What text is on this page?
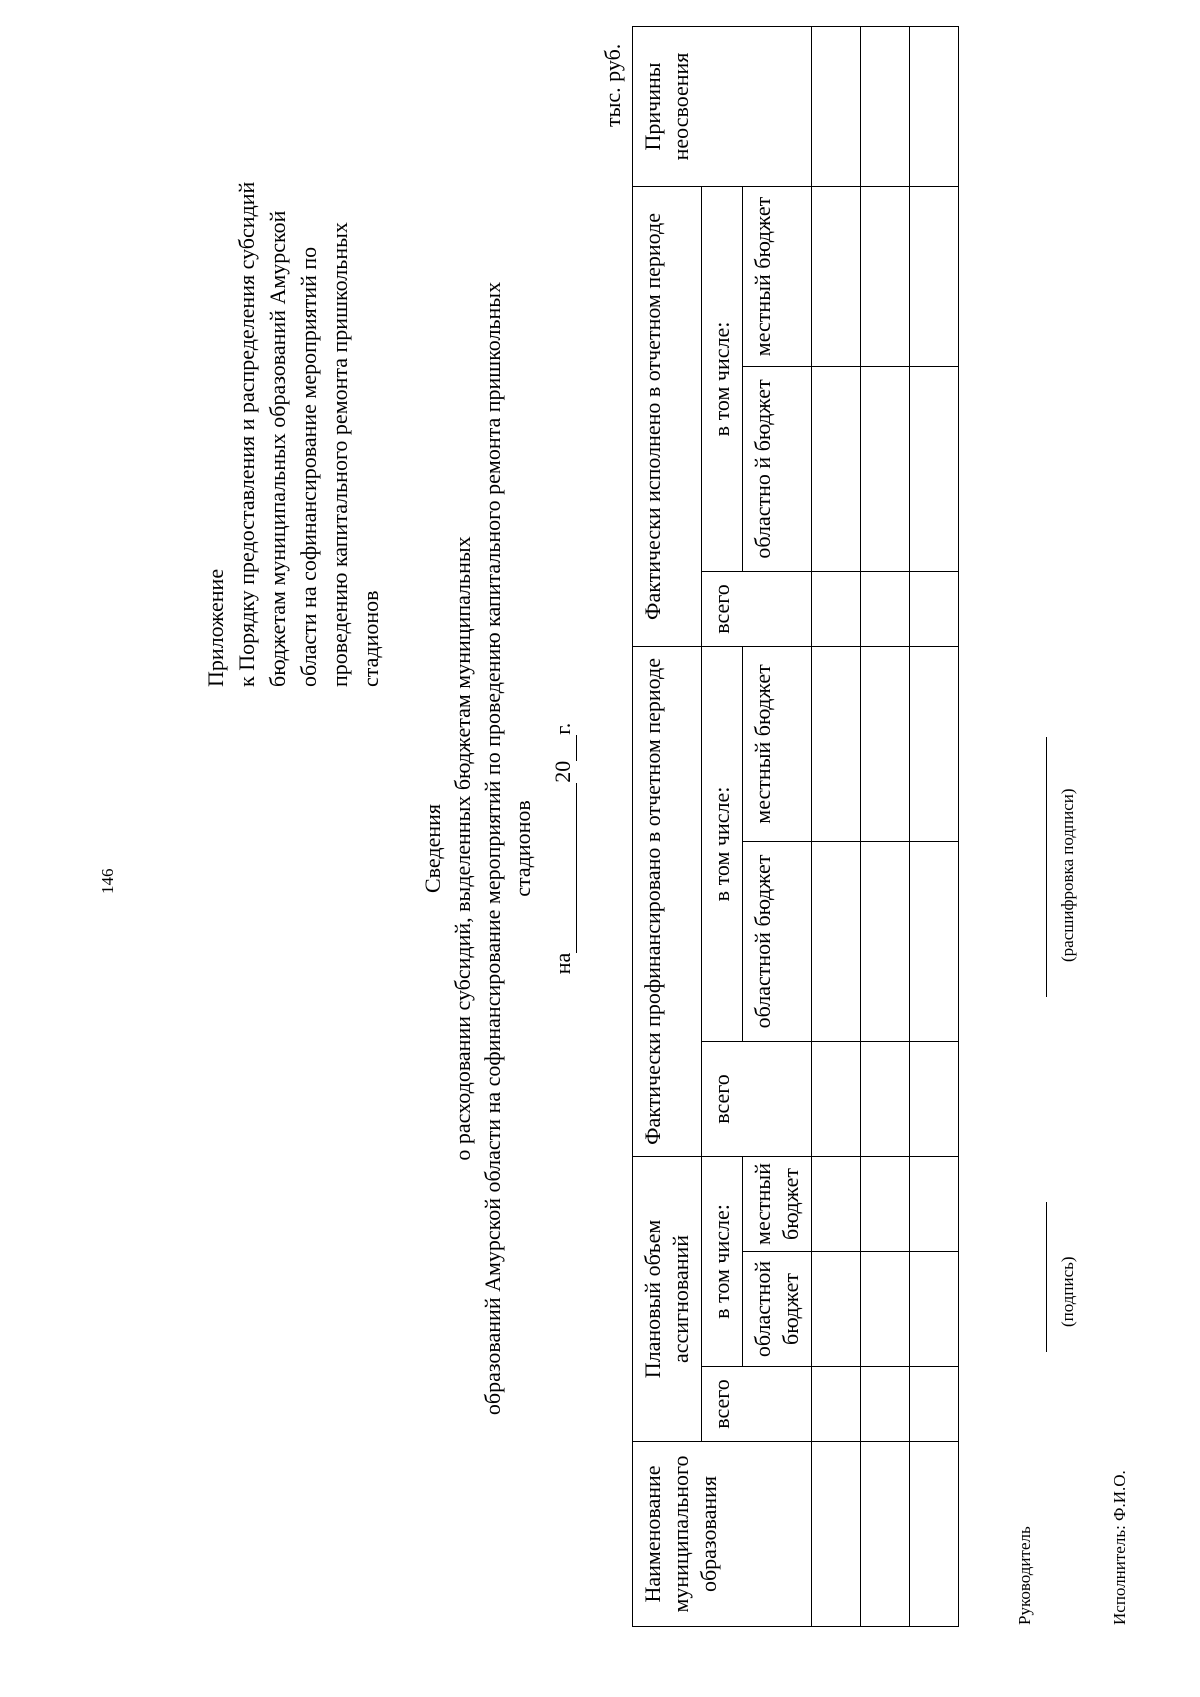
146
Приложение к Порядку предоставления и распределения субсидий бюджетам муниципальных образований Амурской области на софинансирование мероприятий по проведению капитального ремонта пришкольных стадионов
Сведения о расходовании субсидий, выделенных бюджетам муниципальных образований Амурской области на софинансирование мероприятий по проведению капитального ремонта пришкольных стадионов
на 20 г.
тыс. руб.
Наименование муниципального образования	Плановый объем ассигнований			Фактически профинансировано в отчетном периоде			Фактически исполнено в отчетном периоде			Причины неосвоения
	всего	в том числе:		всего	в том числе:		всего	в том числе:		
		областной бюджет	местный бюджет		областной бюджет	местный бюджет		областно й бюджет	местный бюджет	

Руководитель
(подпись)
(расшифровка подписи)
Исполнитель: Ф.И.О.
